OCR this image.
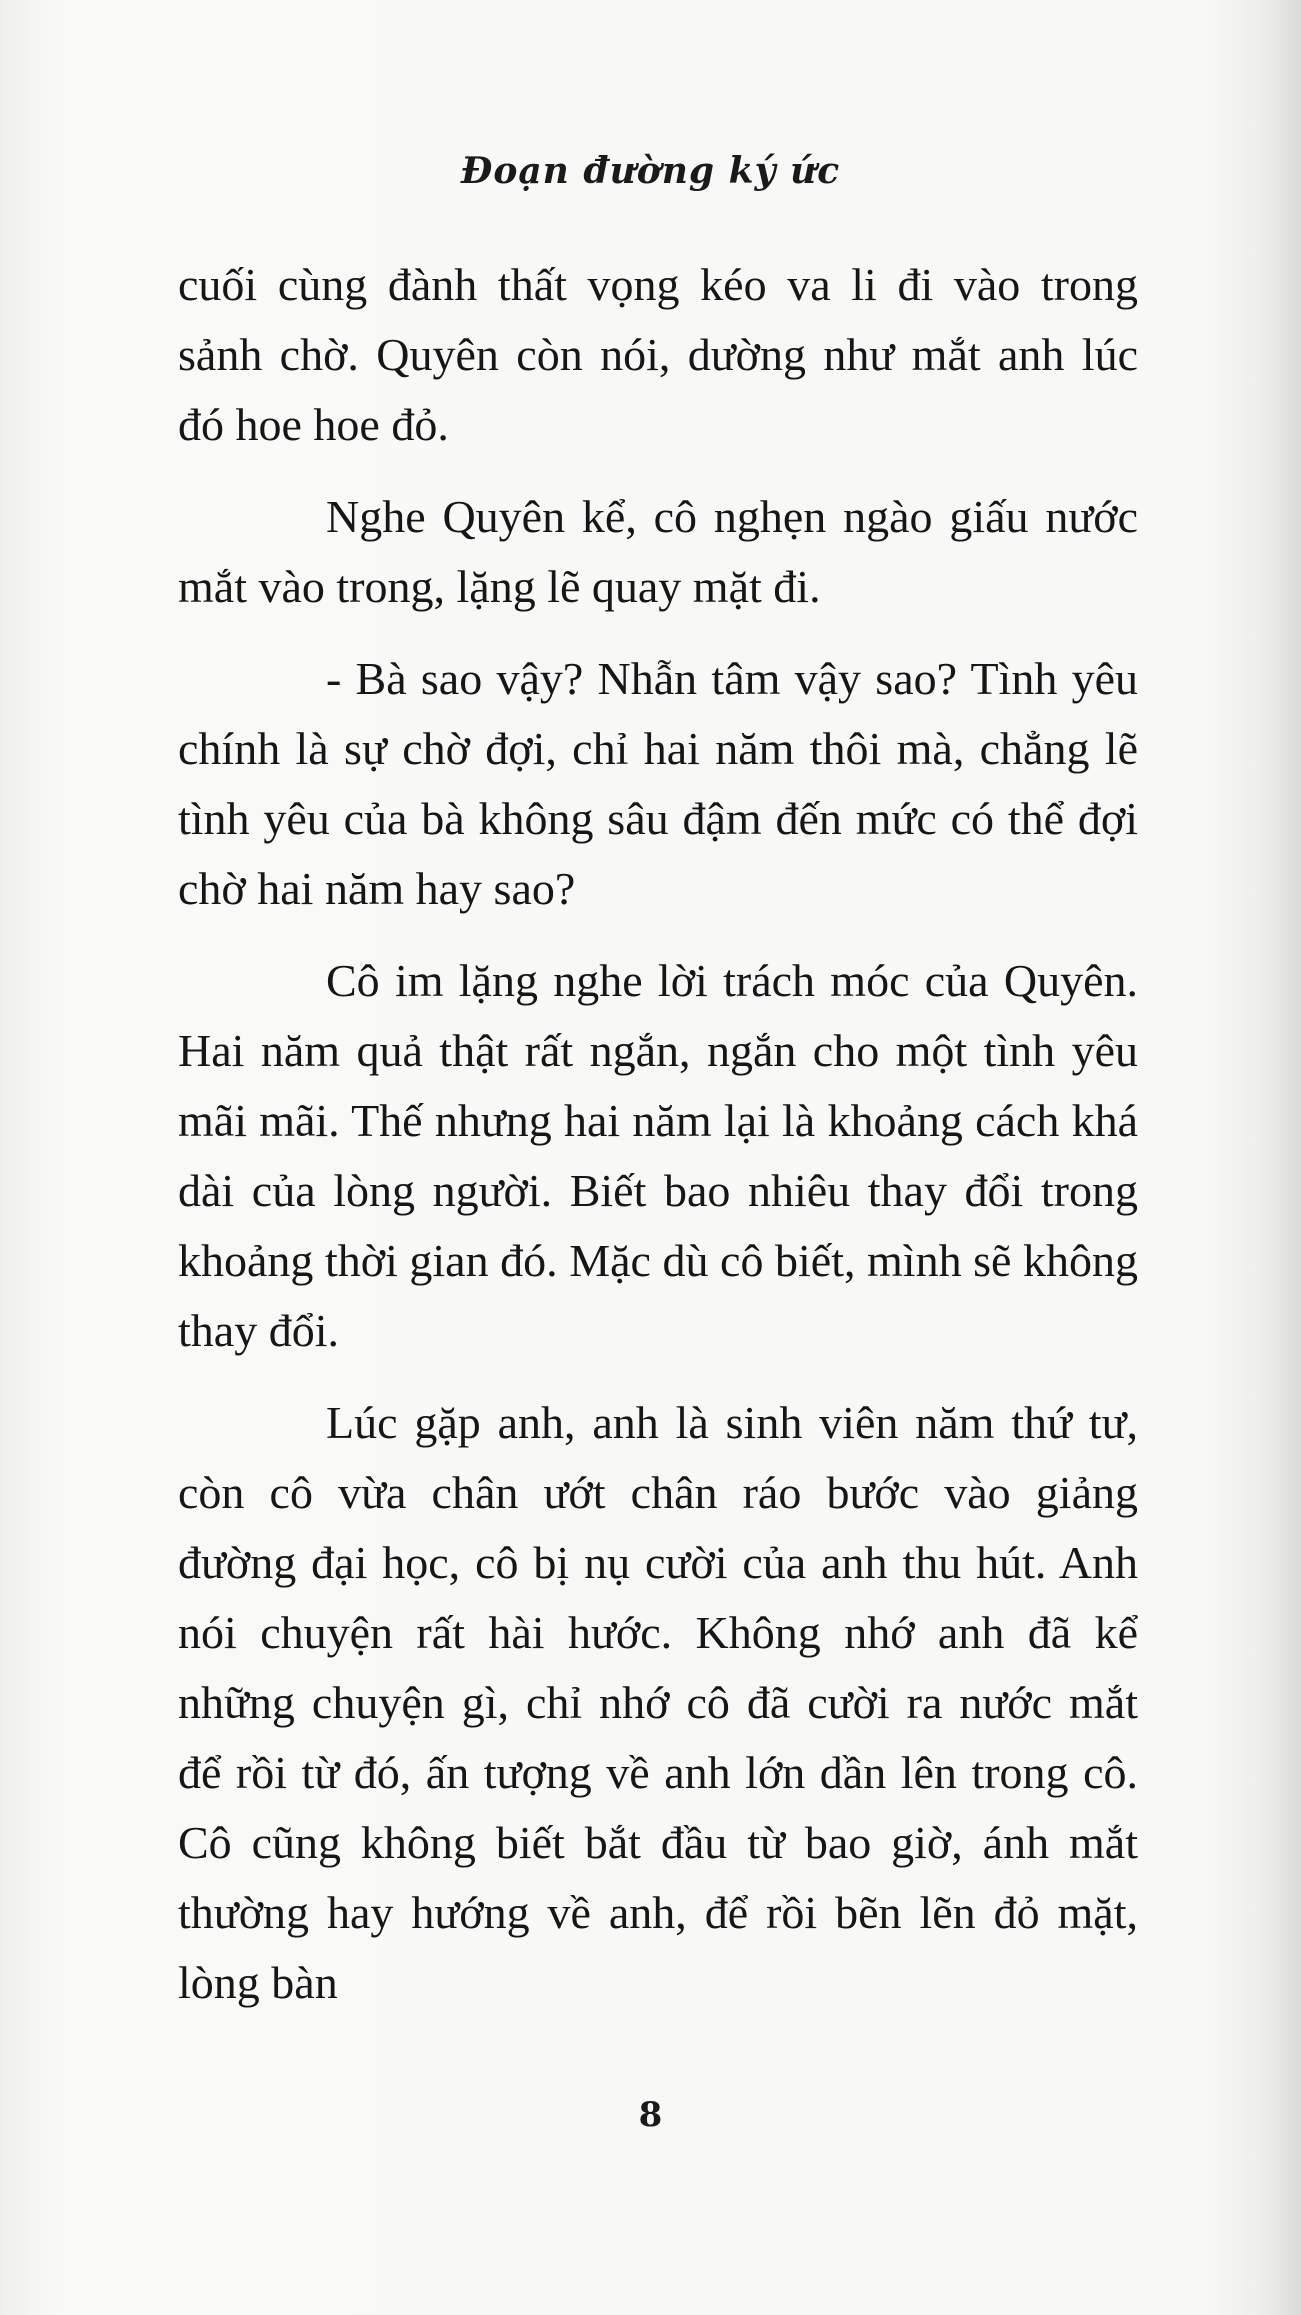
Đoạn đường ký ức

cuối cùng đành thất vọng kéo va li đi vào trong sảnh chờ. Quyên còn nói, dường như mắt anh lúc đó hoe hoe đỏ.

Nghe Quyên kể, cô nghẹn ngào giấu nước mắt vào trong, lặng lẽ quay mặt đi.

- Bà sao vậy? Nhẫn tâm vậy sao? Tình yêu chính là sự chờ đợi, chỉ hai năm thôi mà, chẳng lẽ tình yêu của bà không sâu đậm đến mức có thể đợi chờ hai năm hay sao?

Cô im lặng nghe lời trách móc của Quyên. Hai năm quả thật rất ngắn, ngắn cho một tình yêu mãi mãi. Thế nhưng hai năm lại là khoảng cách khá dài của lòng người. Biết bao nhiêu thay đổi trong khoảng thời gian đó. Mặc dù cô biết, mình sẽ không thay đổi.

Lúc gặp anh, anh là sinh viên năm thứ tư, còn cô vừa chân ướt chân ráo bước vào giảng đường đại học, cô bị nụ cười của anh thu hút. Anh nói chuyện rất hài hước. Không nhớ anh đã kể những chuyện gì, chỉ nhớ cô đã cười ra nước mắt để rồi từ đó, ấn tượng về anh lớn dần lên trong cô. Cô cũng không biết bắt đầu từ bao giờ, ánh mắt thường hay hướng về anh, để rồi bẽn lẽn đỏ mặt, lòng bàn

8
